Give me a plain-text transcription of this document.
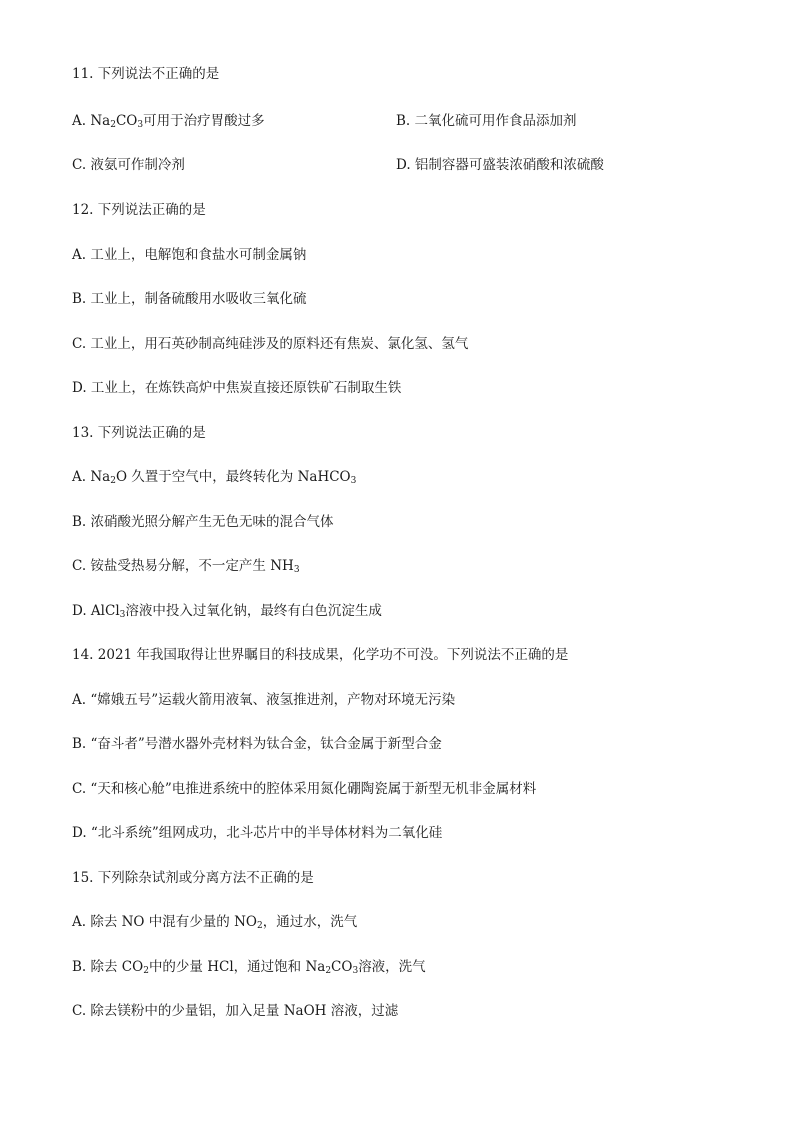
11. 下列说法不正确的是
A. $Na_2CO_3$可用于治疗胃酸过多	B. 二氧化硫可用作食品添加剂
C. 液氨可作制冷剂	D. 铝制容器可盛装浓硝酸和浓硫酸
12. 下列说法正确的是
A. 工业上，电解饱和食盐水可制金属钠
B. 工业上，制备硫酸用水吸收三氧化硫
C. 工业上，用石英砂制高纯硅涉及的原料还有焦炭、氯化氢、氢气
D. 工业上，在炼铁高炉中焦炭直接还原铁矿石制取生铁
13. 下列说法正确的是
A. $Na_2O$ 久置于空气中，最终转化为 NaHCO$_3$
B. 浓硝酸光照分解产生无色无味的混合气体
C. 铵盐受热易分解，不一定产生 $NH_3$
D. AlCl$_3$溶液中投入过氧化钠，最终有白色沉淀生成
14. 2021 年我国取得让世界瞩目的科技成果，化学功不可没。下列说法不正确的是
A. “嫦娥五号”运载火箭用液氧、液氢推进剂，产物对环境无污染
B. “奋斗者”号潜水器外壳材料为钛合金，钛合金属于新型合金
C. “天和核心舱”电推进系统中的腔体采用氮化硼陶瓷属于新型无机非金属材料
D. “北斗系统”组网成功，北斗芯片中的半导体材料为二氧化硅
15. 下列除杂试剂或分离方法不正确的是
A. 除去 NO 中混有少量的 $NO_2$，通过水，洗气
B. 除去 $CO_2$中的少量 HCl，通过饱和 $Na_2CO_3$溶液，洗气
C. 除去镁粉中的少量铝，加入足量 NaOH 溶液，过滤
